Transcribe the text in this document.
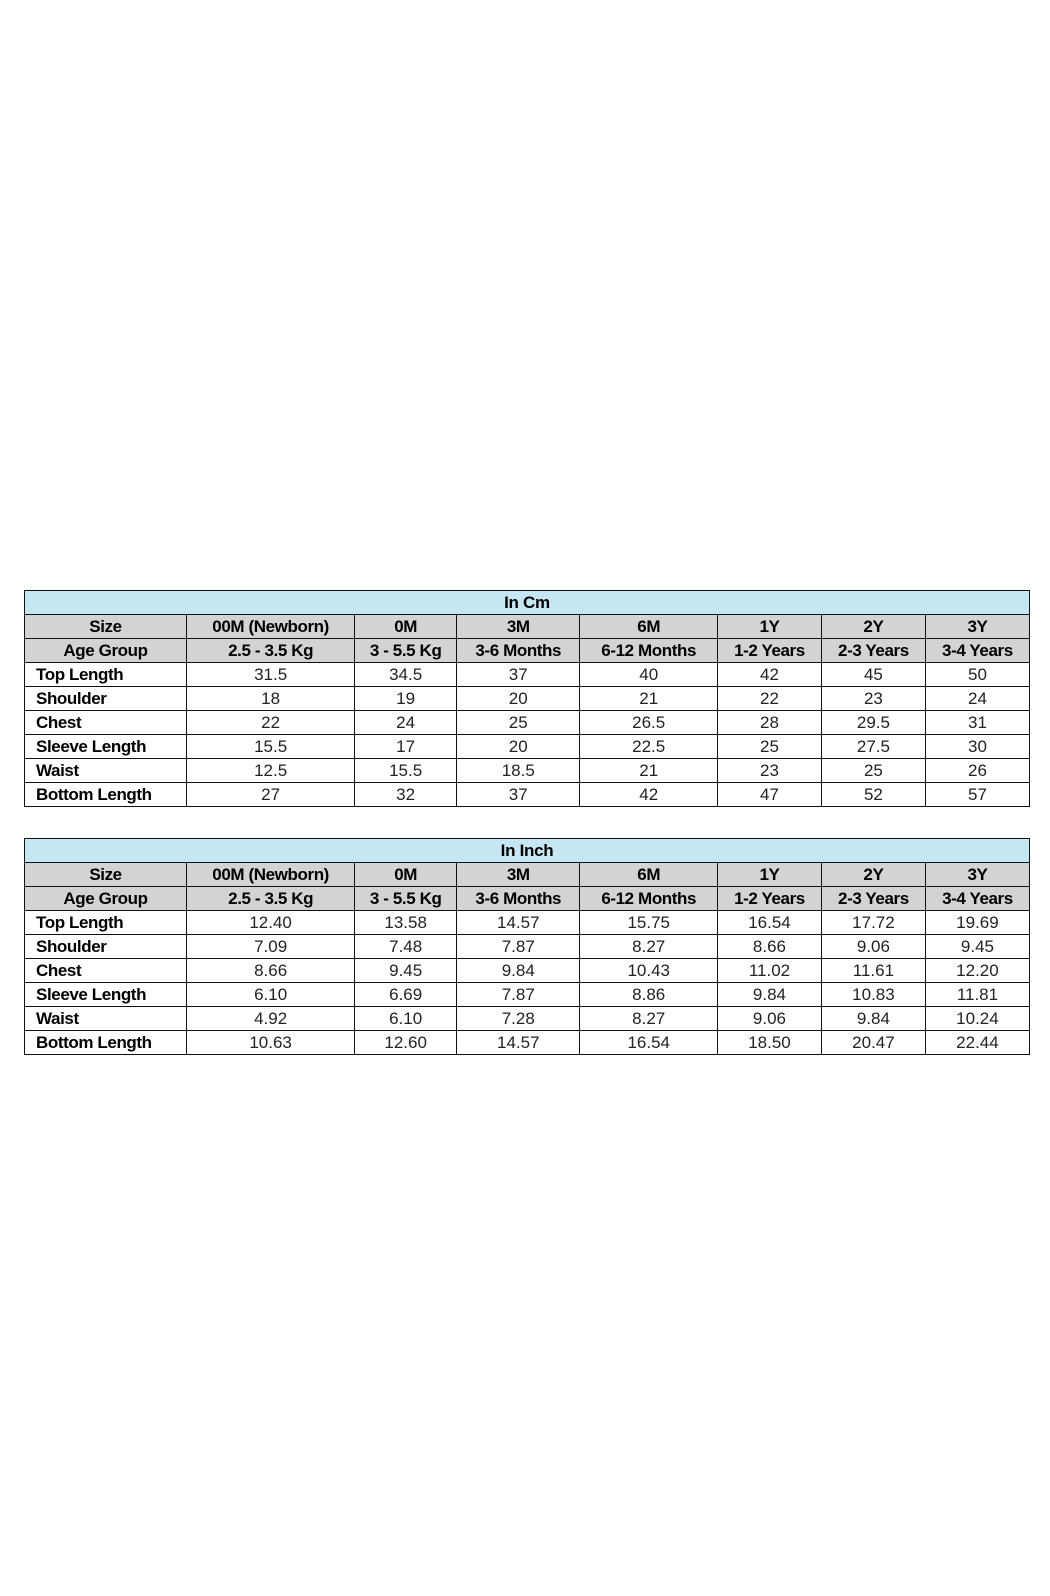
In Cm							
Size	00M (Newborn)	0M	3M	6M	1Y	2Y	3Y
Age Group	2.5 - 3.5 Kg	3 - 5.5 Kg	3-6 Months	6-12 Months	1-2 Years	2-3 Years	3-4 Years
Top Length	31.5	34.5	37	40	42	45	50
Shoulder	18	19	20	21	22	23	24
Chest	22	24	25	26.5	28	29.5	31
Sleeve Length	15.5	17	20	22.5	25	27.5	30
Waist	12.5	15.5	18.5	21	23	25	26
Bottom Length	27	32	37	42	47	52	57
In Inch							
Size	00M (Newborn)	0M	3M	6M	1Y	2Y	3Y
Age Group	2.5 - 3.5 Kg	3 - 5.5 Kg	3-6 Months	6-12 Months	1-2 Years	2-3 Years	3-4 Years
Top Length	12.40	13.58	14.57	15.75	16.54	17.72	19.69
Shoulder	7.09	7.48	7.87	8.27	8.66	9.06	9.45
Chest	8.66	9.45	9.84	10.43	11.02	11.61	12.20
Sleeve Length	6.10	6.69	7.87	8.86	9.84	10.83	11.81
Waist	4.92	6.10	7.28	8.27	9.06	9.84	10.24
Bottom Length	10.63	12.60	14.57	16.54	18.50	20.47	22.44
